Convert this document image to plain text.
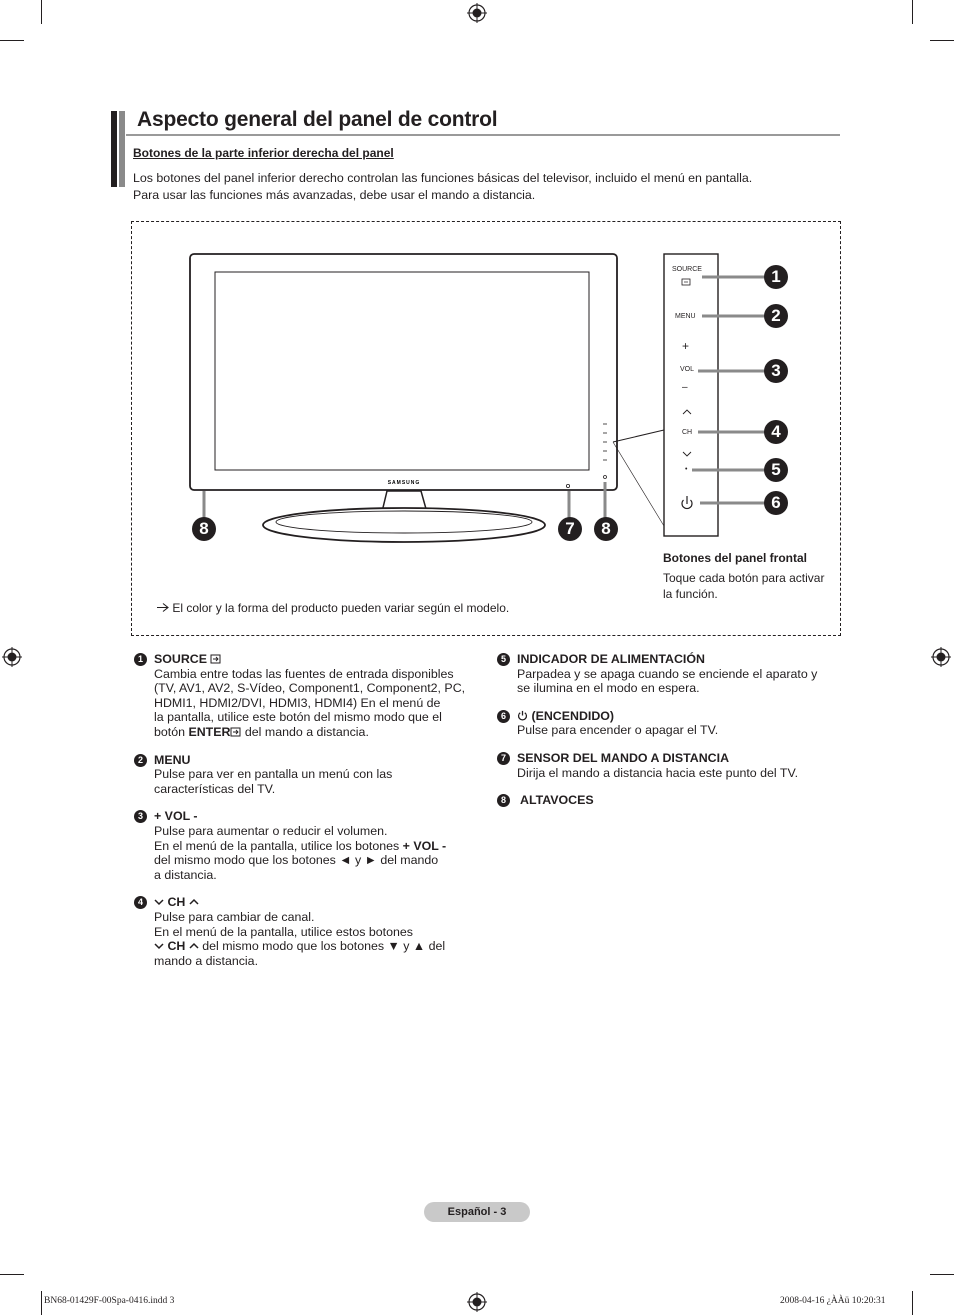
Aspecto general del panel de control
Botones de la parte inferior derecha del panel
Los botones del panel inferior derecho controlan las funciones básicas del televisor, incluido el menú en pantalla.
Para usar las funciones más avanzadas, debe usar el mando a distancia.
SAMSUNG
SOURCE
MENU
+
VOL
–
CH
•
1
2
3
4
5
6
7	8
8
Botones del panel frontal
Toque cada botón para activar la función.
El color y la forma del producto pueden variar según el modelo.
1 SOURCE
Cambia entre todas las fuentes de entrada disponibles
(TV, AV1, AV2, S-Vídeo, Component1, Component2, PC,
HDMI1, HDMI2/DVI, HDMI3, HDMI4) En el menú de
la pantalla, utilice este botón del mismo modo que el
botón ENTER del mando a distancia.
2 MENU
Pulse para ver en pantalla un menú con las
características del TV.
3 + VOL -
Pulse para aumentar o reducir el volumen.
En el menú de la pantalla, utilice los botones + VOL -
del mismo modo que los botones ◄ y ► del mando
a distancia.
4	CH
Pulse para cambiar de canal.
En el menú de la pantalla, utilice estos botones
CH  del mismo modo que los botones ▼ y ▲ del
mando a distancia.
5 INDICADOR DE ALIMENTACIÓN
Parpadea y se apaga cuando se enciende el aparato y
se ilumina en el modo en espera.
6	(ENCENDIDO)
Pulse para encender o apagar el TV.
7 SENSOR DEL MANDO A DISTANCIA
Dirija el mando a distancia hacia este punto del TV.
8	ALTAVOCES
Español - 3
BN68-01429F-00Spa-0416.indd 3	2008-04-16 ¿ÀÀü 10:20:31
